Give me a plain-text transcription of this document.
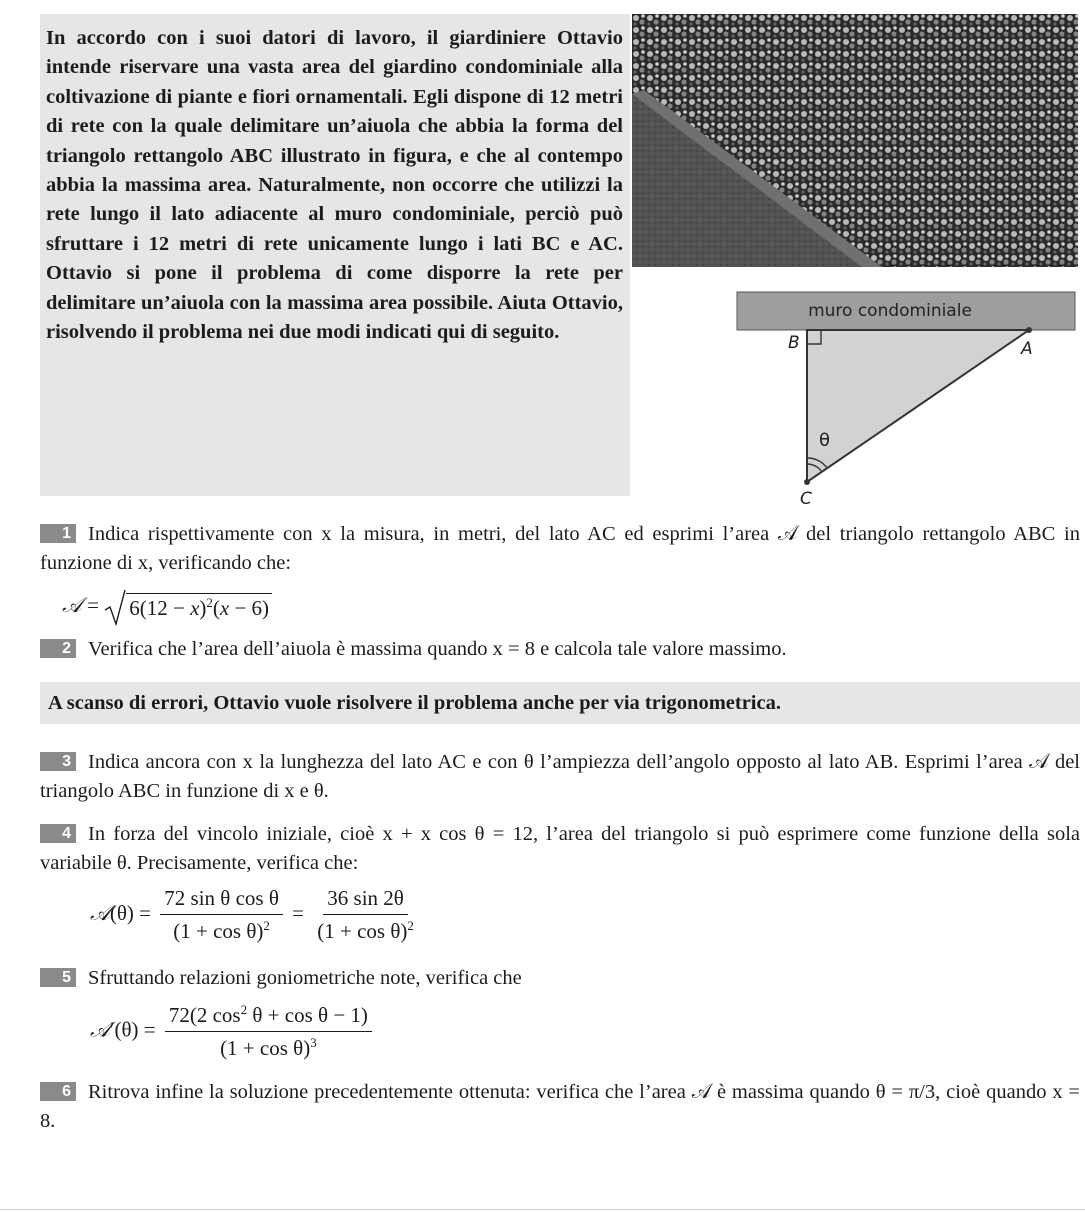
In accordo con i suoi datori di lavoro, il giardiniere Ottavio intende riservare una vasta area del giardino condominiale alla coltivazione di piante e fiori ornamentali. Egli dispone di 12 metri di rete con la quale delimitare un’aiuola che abbia la forma del triangolo rettangolo ABC illustrato in figura, e che al contempo abbia la massima area. Naturalmente, non occorre che utilizzi la rete lungo il lato adiacente al muro condominiale, perciò può sfruttare i 12 metri di rete unicamente lungo i lati BC e AC. Ottavio si pone il problema di come disporre la rete per delimitare un’aiuola con la massima area possibile. Aiuta Ottavio, risolvendo il problema nei due modi indicati qui di seguito.
muro condominiale
B	A
C
θ
1 Indica rispettivamente con x la misura, in metri, del lato AC ed esprimi l’area 𝒜 del triangolo rettangolo ABC in funzione di x, verificando che:
𝒜 = $6(12 - x)^2(x - 6)$
2 Verifica che l’area dell’aiuola è massima quando x = 8 e calcola tale valore massimo.
A scanso di errori, Ottavio vuole risolvere il problema anche per via trigonometrica.
3 Indica ancora con x la lunghezza del lato AC e con θ l’ampiezza dell’angolo opposto al lato AB. Esprimi l’area 𝒜 del triangolo ABC in funzione di x e θ.
4 In forza del vincolo iniziale, cioè x + x cos θ = 12, l’area del triangolo si può esprimere come funzione della sola variabile θ. Precisamente, verifica che:
𝒜(θ) = $\frac{\text{72 sin θ cos θ}}{(1 + \cos \theta)^2} = \frac{36 \sin 2\theta}{(1 + \cos \theta)^2}$
5 Sfruttando relazioni goniometriche note, verifica che
𝒜′(θ) = $\frac{72(2 \cos^2 \theta + \cos \theta - 1)}{(1 + \cos \theta)^3}$
6 Ritrova infine la soluzione precedentemente ottenuta: verifica che l’area 𝒜 è massima quando θ = π/3, cioè quando x = 8.
